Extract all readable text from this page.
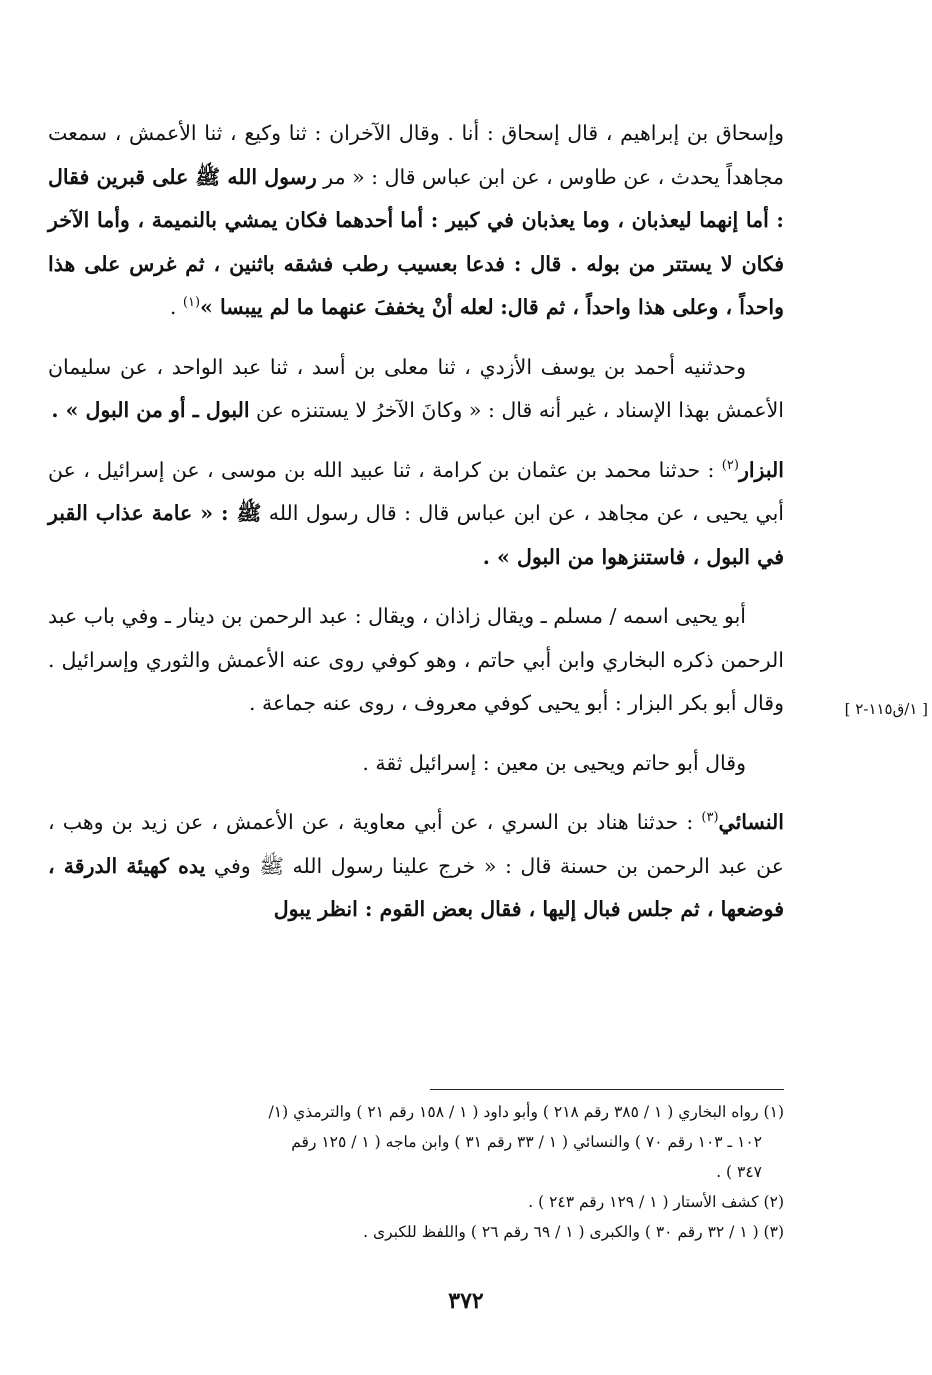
وإسحاق بن إبراهيم ، قال إسحاق : أنا . وقال الآخران : ثنا وكيع ، ثنا الأعمش ، سمعت مجاهداً يحدث ، عن طاوس ، عن ابن عباس قال : « مر رسول الله ﷺ على قبرين فقال : أما إنهما ليعذبان ، وما يعذبان في كبير : أما أحدهما فكان يمشي بالنميمة ، وأما الآخر فكان لا يستتر من بوله . قال : فدعا بعسيب رطب فشقه باثنين ، ثم غرس على هذا واحداً ، وعلى هذا واحداً ، ثم قال: لعله أنْ يخففَ عنهما ما لم ييبسا »$^{(١)}$ .

وحدثنيه أحمد بن يوسف الأزدي ، ثنا معلى بن أسد ، ثنا عبد الواحد ، عن سليمان الأعمش بهذا الإسناد ، غير أنه قال : « وكانَ الآخرُ لا يستنزه عن البول ـ أو من البول » .

البزار$^{(٢)}$ : حدثنا محمد بن عثمان بن كرامة ، ثنا عبيد الله بن موسى ، عن إسرائيل ، عن أبي يحيى ، عن مجاهد ، عن ابن عباس قال : قال رسول الله ﷺ : « عامة عذاب القبر في البول ، فاستنزهوا من البول » .

أبو يحيى اسمه / مسلم ـ ويقال زاذان ، ويقال : عبد الرحمن بن دينار ـ وفي باب عبد الرحمن ذكره البخاري وابن أبي حاتم ، وهو كوفي روى عنه الأعمش والثوري وإسرائيل . وقال أبو بكر البزار : أبو يحيى كوفي معروف ، روى عنه جماعة .

وقال أبو حاتم ويحيى بن معين : إسرائيل ثقة .

النسائي$^{(٣)}$ : حدثنا هناد بن السري ، عن أبي معاوية ، عن الأعمش ، عن زيد بن وهب ، عن عبد الرحمن بن حسنة قال : « خرج علينا رسول الله ﷺ وفي يده كهيئة الدرقة ، فوضعها ، ثم جلس فبال إليها ، فقال بعض القوم : انظر يبول

[ ١/ق١١٥-٢ ]

(١) رواه البخاري ( ١ / ٣٨٥ رقم ٢١٨ ) وأبو داود ( ١ / ١٥٨ رقم ٢١ ) والترمذي (١/

١٠٢ ـ ١٠٣ رقم ٧٠ ) والنسائي ( ١ / ٣٣ رقم ٣١ ) وابن ماجه ( ١ / ١٢٥ رقم

٣٤٧ ) .

(٢) كشف الأستار ( ١ / ١٢٩ رقم ٢٤٣ ) .

(٣) ( ١ / ٣٢ رقم ٣٠ ) والكبرى ( ١ / ٦٩ رقم ٢٦ ) واللفظ للكبرى .

٣٧٢
